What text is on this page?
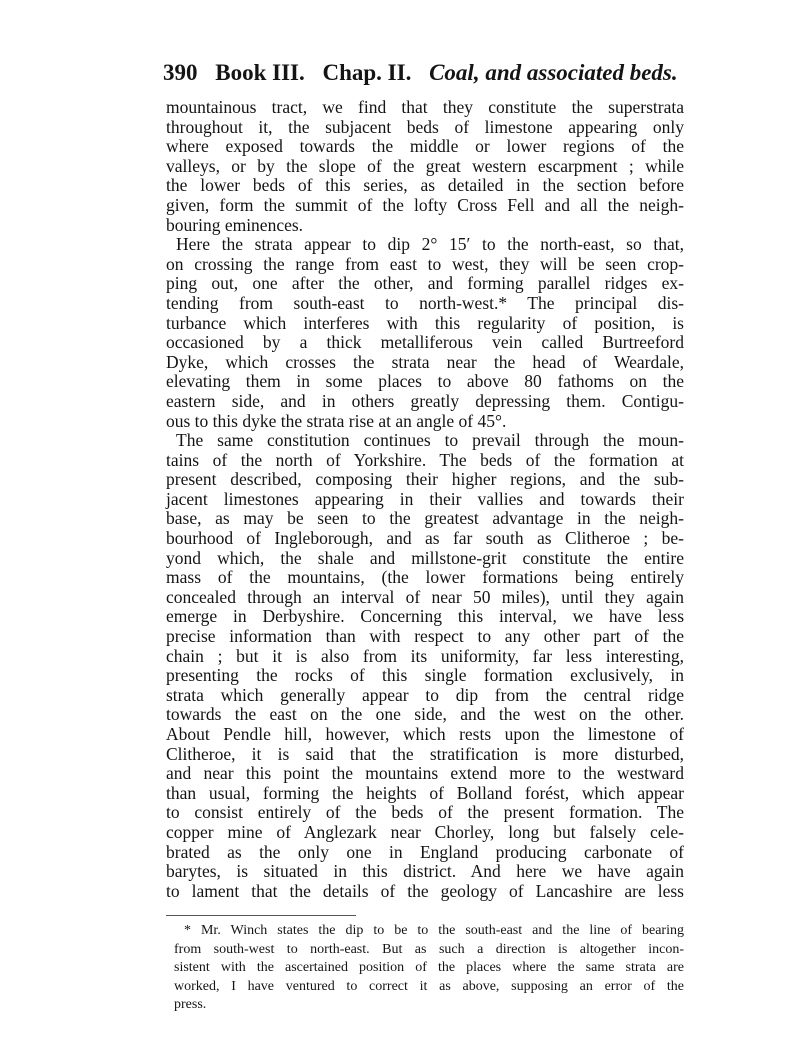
390 Book III. Chap. II. Coal, and associated beds.
mountainous tract, we find that they constitute the superstrata
throughout it, the subjacent beds of limestone appearing only
where exposed towards the middle or lower regions of the
valleys, or by the slope of the great western escarpment ; while
the lower beds of this series, as detailed in the section before
given, form the summit of the lofty Cross Fell and all the neigh-
bouring eminences.
Here the strata appear to dip 2° 15′ to the north-east, so that,
on crossing the range from east to west, they will be seen crop-
ping out, one after the other, and forming parallel ridges ex-
tending from south-east to north-west.* The principal dis-
turbance which interferes with this regularity of position, is
occasioned by a thick metalliferous vein called Burtreeford
Dyke, which crosses the strata near the head of Weardale,
elevating them in some places to above 80 fathoms on the
eastern side, and in others greatly depressing them. Contigu-
ous to this dyke the strata rise at an angle of 45°.
The same constitution continues to prevail through the moun-
tains of the north of Yorkshire. The beds of the formation at
present described, composing their higher regions, and the sub-
jacent limestones appearing in their vallies and towards their
base, as may be seen to the greatest advantage in the neigh-
bourhood of Ingleborough, and as far south as Clitheroe ; be-
yond which, the shale and millstone-grit constitute the entire
mass of the mountains, (the lower formations being entirely
concealed through an interval of near 50 miles), until they again
emerge in Derbyshire. Concerning this interval, we have less
precise information than with respect to any other part of the
chain ; but it is also from its uniformity, far less interesting,
presenting the rocks of this single formation exclusively, in
strata which generally appear to dip from the central ridge
towards the east on the one side, and the west on the other.
About Pendle hill, however, which rests upon the limestone of
Clitheroe, it is said that the stratification is more disturbed,
and near this point the mountains extend more to the westward
than usual, forming the heights of Bolland forést, which appear
to consist entirely of the beds of the present formation. The
copper mine of Anglezark near Chorley, long but falsely cele-
brated as the only one in England producing carbonate of
barytes, is situated in this district. And here we have again
to lament that the details of the geology of Lancashire are less
* Mr. Winch states the dip to be to the south-east and the line of bearing
from south-west to north-east. But as such a direction is altogether incon-
sistent with the ascertained position of the places where the same strata are
worked, I have ventured to correct it as above, supposing an error of the
press.
